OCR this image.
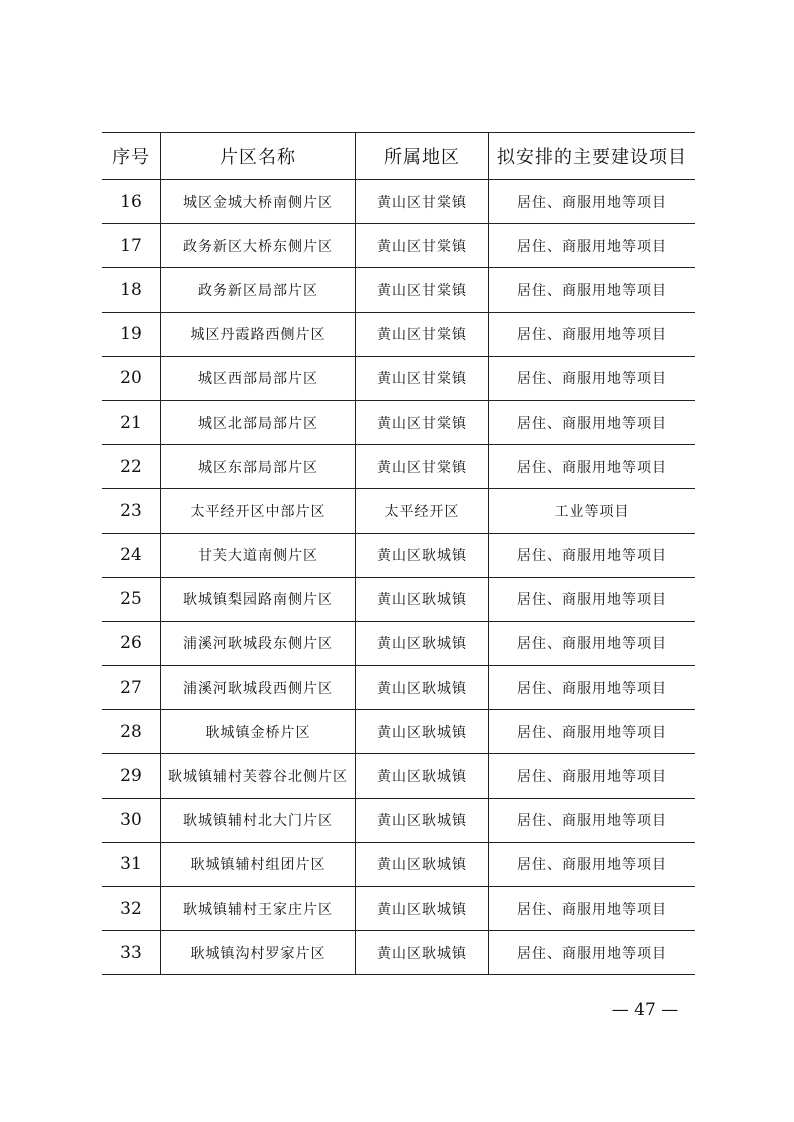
序号	片区名称	所属地区	拟安排的主要建设项目
16	城区金城大桥南侧片区	黄山区甘棠镇	居住、商服用地等项目
17	政务新区大桥东侧片区	黄山区甘棠镇	居住、商服用地等项目
18	政务新区局部片区	黄山区甘棠镇	居住、商服用地等项目
19	城区丹霞路西侧片区	黄山区甘棠镇	居住、商服用地等项目
20	城区西部局部片区	黄山区甘棠镇	居住、商服用地等项目
21	城区北部局部片区	黄山区甘棠镇	居住、商服用地等项目
22	城区东部局部片区	黄山区甘棠镇	居住、商服用地等项目
23	太平经开区中部片区	太平经开区	工业等项目
24	甘芙大道南侧片区	黄山区耿城镇	居住、商服用地等项目
25	耿城镇梨园路南侧片区	黄山区耿城镇	居住、商服用地等项目
26	浦溪河耿城段东侧片区	黄山区耿城镇	居住、商服用地等项目
27	浦溪河耿城段西侧片区	黄山区耿城镇	居住、商服用地等项目
28	耿城镇金桥片区	黄山区耿城镇	居住、商服用地等项目
29	耿城镇辅村芙蓉谷北侧片区	黄山区耿城镇	居住、商服用地等项目
30	耿城镇辅村北大门片区	黄山区耿城镇	居住、商服用地等项目
31	耿城镇辅村组团片区	黄山区耿城镇	居住、商服用地等项目
32	耿城镇辅村王家庄片区	黄山区耿城镇	居住、商服用地等项目
33	耿城镇沟村罗家片区	黄山区耿城镇	居住、商服用地等项目
— 47 —
